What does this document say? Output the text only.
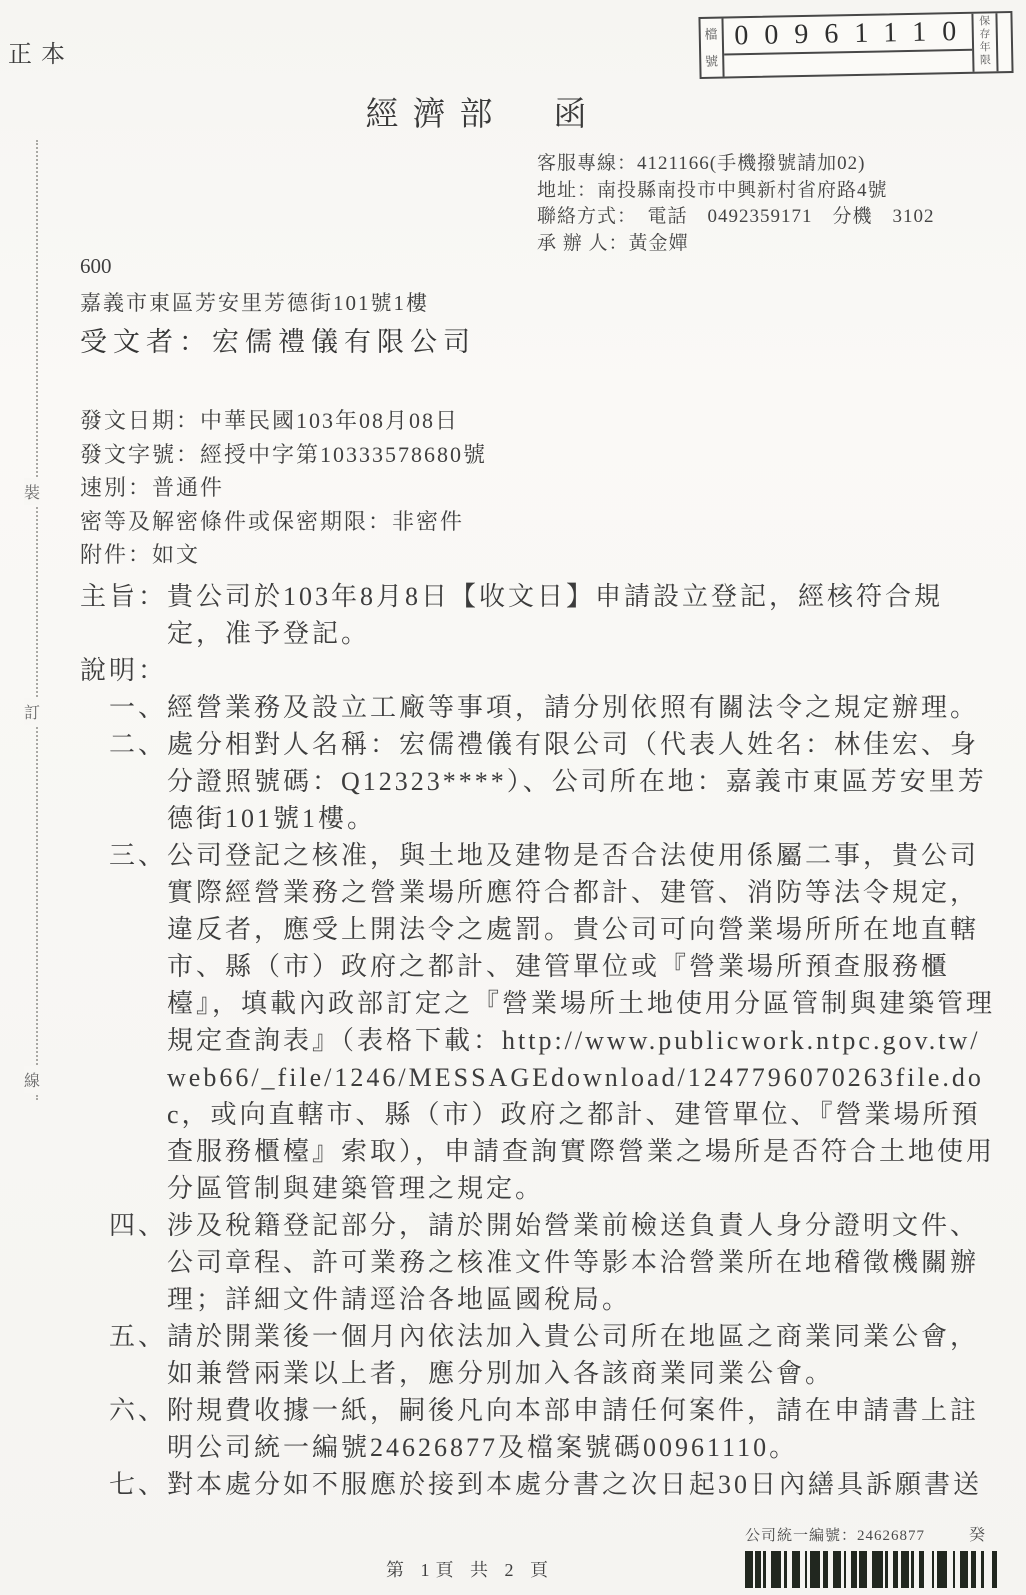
正本
檔號
00961110 保存年限
經濟部　函
客服專線：4121166(手機撥號請加02)
地址：南投縣南投市中興新村省府路4號
聯絡方式：　電話　0492359171　分機　3102
承 辦 人：黃金嬋
600
嘉義市東區芳安里芳德街101號1樓
受文者：宏儒禮儀有限公司
發文日期：中華民國103年08月08日
發文字號：經授中字第10333578680號
速別：普通件
密等及解密條件或保密期限：非密件
附件：如文

主旨：貴公司於103年8月8日【收文日】申請設立登記，經核符合規定，准予登記。

說明：

一、經營業務及設立工廠等事項，請分別依照有關法令之規定辦理。
二、處分相對人名稱：宏儒禮儀有限公司（代表人姓名：林佳宏、身分證照號碼：Q12323****）、公司所在地：嘉義市東區芳安里芳德街101號1樓。
三、公司登記之核准，與土地及建物是否合法使用係屬二事，貴公司實際經營業務之營業場所應符合都計、建管、消防等法令規定，違反者，應受上開法令之處罰。貴公司可向營業場所所在地直轄市、縣（市）政府之都計、建管單位或『營業場所預查服務櫃檯』，填載內政部訂定之『營業場所土地使用分區管制與建築管理規定查詢表』（表格下載：http://www.publicwork.ntpc.gov.tw/web66/_file/1246/MESSAGEdownload/1247796070263file.doc，或向直轄市、縣（市）政府之都計、建管單位、『營業場所預查服務櫃檯』索取），申請查詢實際營業之場所是否符合土地使用分區管制與建築管理之規定。
四、涉及稅籍登記部分，請於開始營業前檢送負責人身分證明文件、公司章程、許可業務之核准文件等影本洽營業所在地稽徵機關辦理；詳細文件請逕洽各地區國稅局。
五、請於開業後一個月內依法加入貴公司所在地區之商業同業公會，如兼營兩業以上者，應分別加入各該商業同業公會。
六、附規費收據一紙，嗣後凡向本部申請任何案件，請在申請書上註明公司統一編號24626877及檔案號碼00961110。
七、對本處分如不服應於接到本處分書之次日起30日內繕具訴願書送
裝
訂
線
公司統一編號：24626877	癸
第 1頁 共 2 頁
